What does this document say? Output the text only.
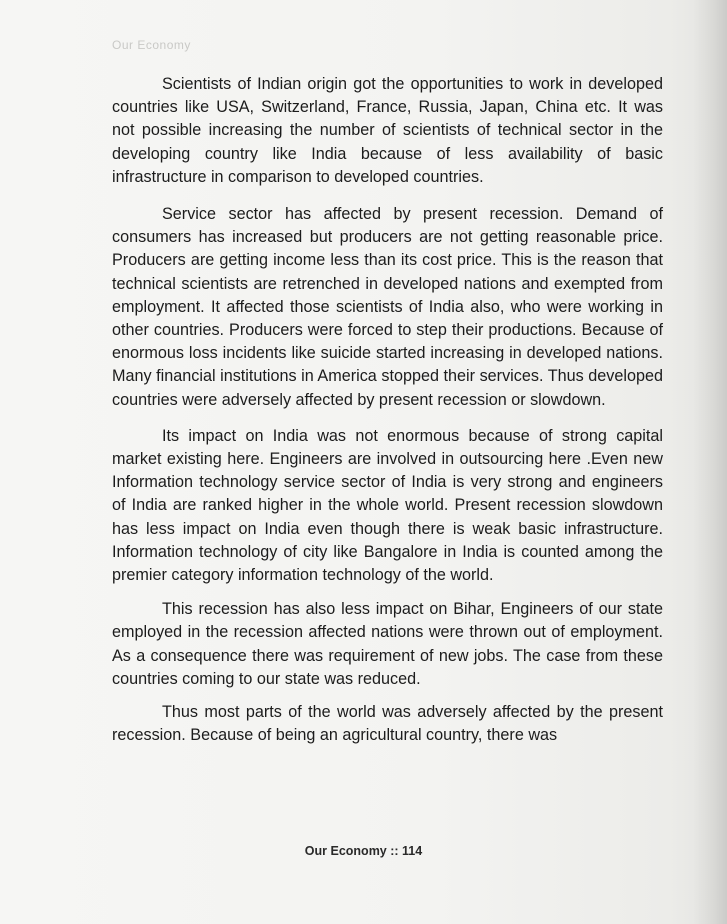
Our Economy

Scientists of Indian origin got the opportunities to work in developed countries like USA, Switzerland, France, Russia, Japan, China etc. It was not possible increasing the number of scientists of technical sector in the developing country like India because of less availability of basic infrastructure in comparison to developed countries.

Service sector has affected by present recession. Demand of consumers has increased but producers are not getting reasonable price. Producers are getting income less than its cost price. This is the reason that technical scientists are retrenched in developed nations and exempted from employment. It affected those scientists of India also, who were working in other countries. Producers were forced to step their productions. Because of enormous loss incidents like suicide started increasing in developed nations. Many financial institutions in America stopped their services. Thus developed countries were adversely affected by present recession or slowdown.

Its impact on India was not enormous because of strong capital market existing here. Engineers are involved in outsourcing here .Even new Information technology service sector of India is very strong and engineers of India are ranked higher in the whole world. Present recession slowdown has less impact on India even though there is weak basic infrastructure. Information technology of city like Bangalore in India is counted among the premier category information technology of the world.

This recession has also less impact on Bihar, Engineers of our state employed in the recession affected nations were thrown out of employment. As a consequence there was requirement of new jobs. The case from these countries coming to our state was reduced.

Thus most parts of the world was adversely affected by the present recession. Because of being an agricultural country, there was

Our Economy :: 114
